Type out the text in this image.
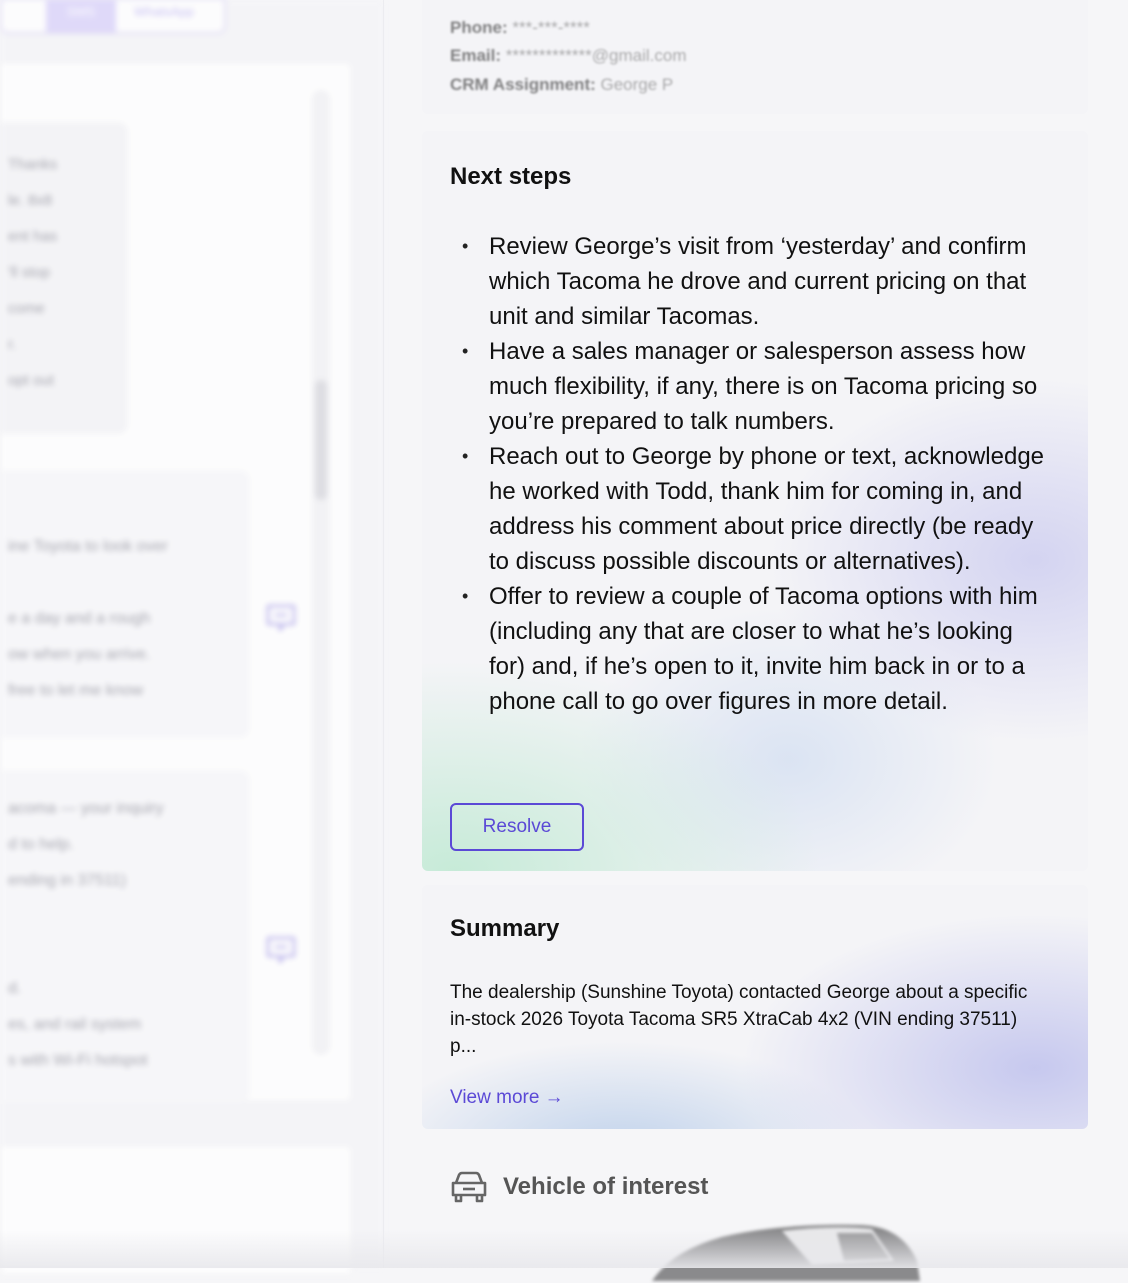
SMS	WhatsApp
Thanks
le. 8x8
ent has
'll stop
come
r.
opt out
ine Toyota to look over
e a day and a rough
ow when you arrive.
free to let me know
acoma — your inquiry
d to help.
ending in 37511)
d.
es, and rail system
s with Wi-Fi hotspot
Phone: ***-***-****
Email: *************@gmail.com
CRM Assignment: George P
Next steps
• Review George’s visit from ‘yesterday’ and confirm which Tacoma he drove and current pricing on that unit and similar Tacomas.
• Have a sales manager or salesperson assess how much flexibility, if any, there is on Tacoma pricing so you’re prepared to talk numbers.
• Reach out to George by phone or text, acknowledge he worked with Todd, thank him for coming in, and address his comment about price directly (be ready to discuss possible discounts or alternatives).
• Offer to review a couple of Tacoma options with him (including any that are closer to what he’s looking for) and, if he’s open to it, invite him back in or to a phone call to go over figures in more detail.
Resolve
Summary
The dealership (Sunshine Toyota) contacted George about a specific in-stock 2026 Toyota Tacoma SR5 XtraCab 4x2 (VIN ending 37511) p...
View more →
Vehicle of interest
